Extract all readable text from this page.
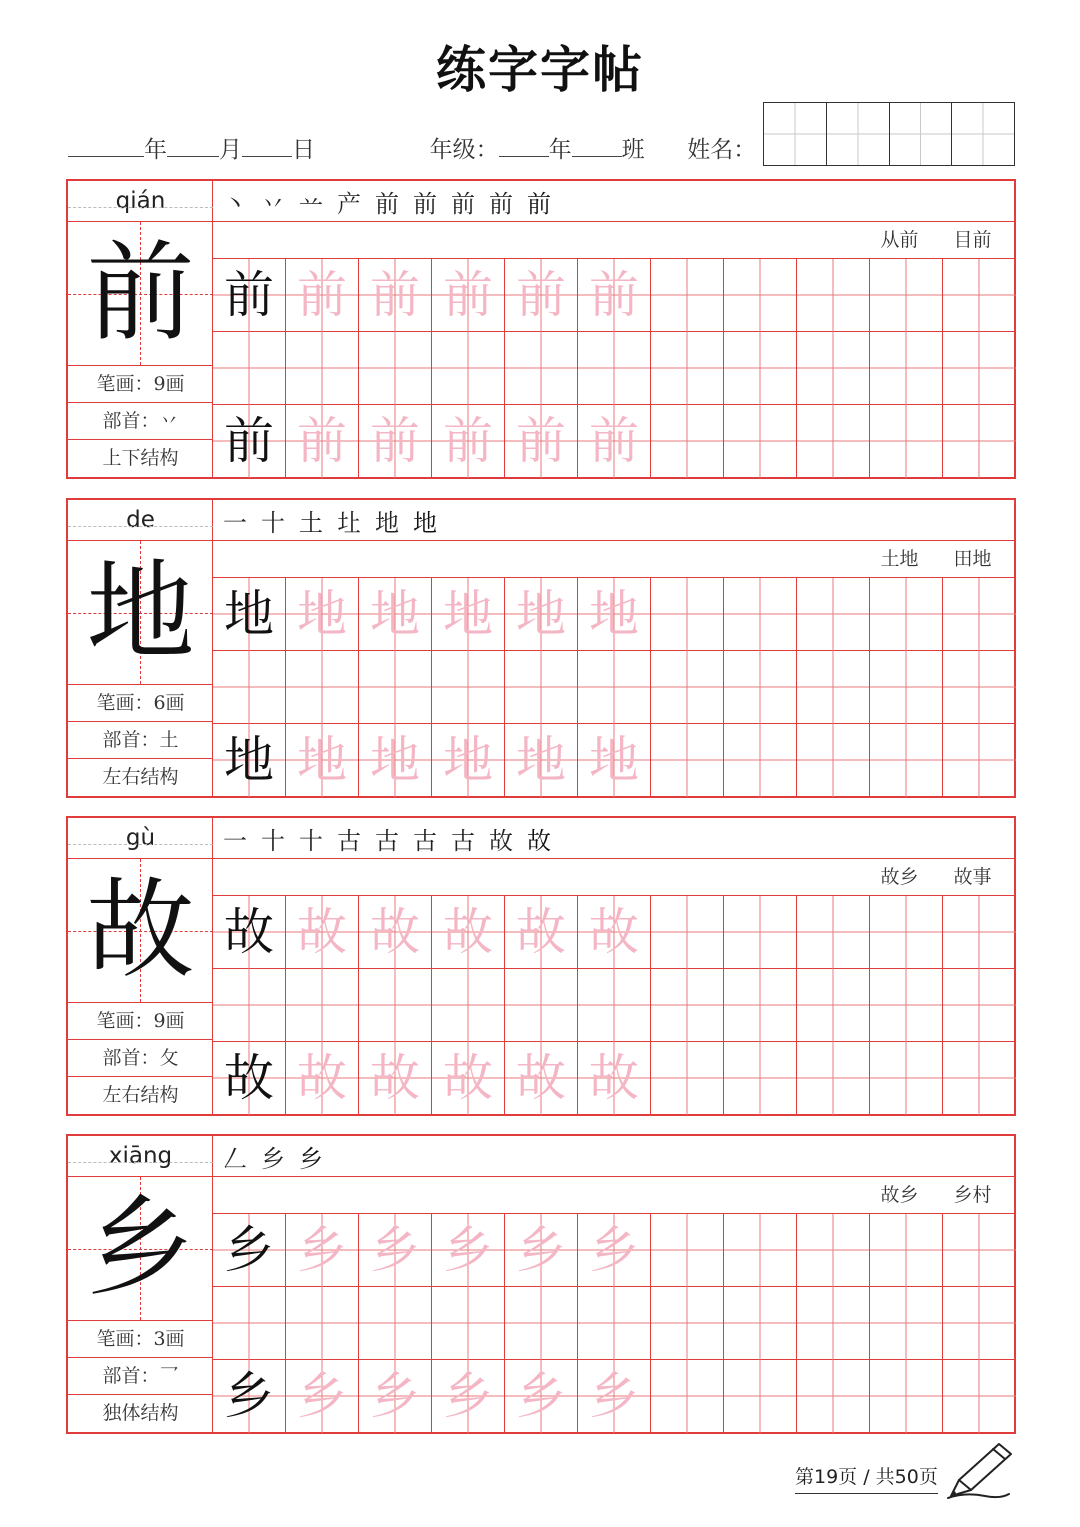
练字字帖
年 月 日	年级： 年 班 姓名：
qián
前
笔画：9画
部首：丷
上下结构
丶 丷 䒑 产 前 前 前 前 前
从前	目前
前 前 前 前 前 前
前 前 前 前 前 前
de
地
笔画：6画
部首：土
左右结构
一 十 土 圵 地 地
土地	田地
地 地 地 地 地 地
地 地 地 地 地 地
gù
故
笔画：9画
部首：攵
左右结构
一 十 十 古 古 古 古 故 故
故乡	故事
故 故 故 故 故 故
故 故 故 故 故 故
xiāng
乡
笔画：3画
部首：乛
独体结构
𠃋 乡 乡
故乡	乡村
乡 乡 乡 乡 乡 乡
乡 乡 乡 乡 乡 乡
第19页 / 共50页
